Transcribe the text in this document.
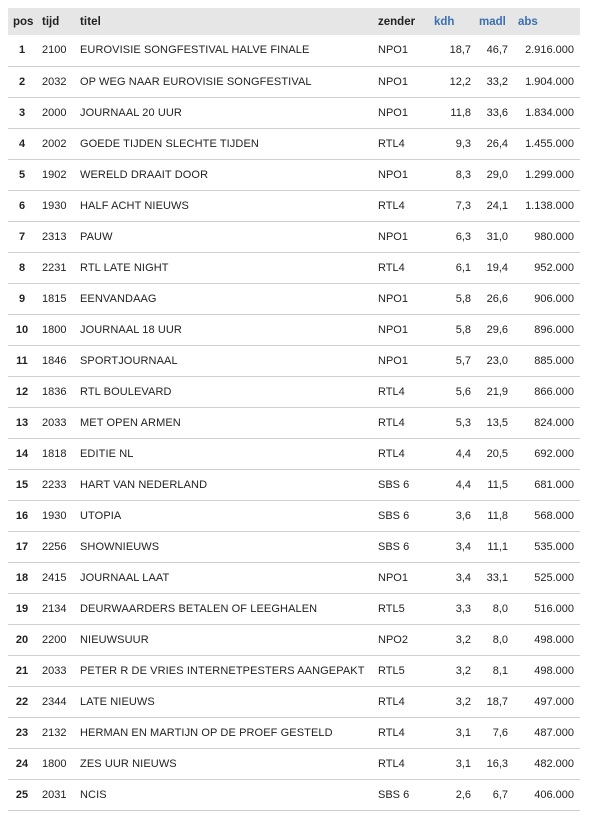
pos	tijd	titel	zender	kdh	madl	abs
1	2100	EUROVISIE SONGFESTIVAL HALVE FINALE	NPO1	18,7	46,7	2.916.000
2	2032	OP WEG NAAR EUROVISIE SONGFESTIVAL	NPO1	12,2	33,2	1.904.000
3	2000	JOURNAAL 20 UUR	NPO1	11,8	33,6	1.834.000
4	2002	GOEDE TIJDEN SLECHTE TIJDEN	RTL4	9,3	26,4	1.455.000
5	1902	WERELD DRAAIT DOOR	NPO1	8,3	29,0	1.299.000
6	1930	HALF ACHT NIEUWS	RTL4	7,3	24,1	1.138.000
7	2313	PAUW	NPO1	6,3	31,0	980.000
8	2231	RTL LATE NIGHT	RTL4	6,1	19,4	952.000
9	1815	EENVANDAAG	NPO1	5,8	26,6	906.000
10	1800	JOURNAAL 18 UUR	NPO1	5,8	29,6	896.000
11	1846	SPORTJOURNAAL	NPO1	5,7	23,0	885.000
12	1836	RTL BOULEVARD	RTL4	5,6	21,9	866.000
13	2033	MET OPEN ARMEN	RTL4	5,3	13,5	824.000
14	1818	EDITIE NL	RTL4	4,4	20,5	692.000
15	2233	HART VAN NEDERLAND	SBS 6	4,4	11,5	681.000
16	1930	UTOPIA	SBS 6	3,6	11,8	568.000
17	2256	SHOWNIEUWS	SBS 6	3,4	11,1	535.000
18	2415	JOURNAAL LAAT	NPO1	3,4	33,1	525.000
19	2134	DEURWAARDERS BETALEN OF LEEGHALEN	RTL5	3,3	8,0	516.000
20	2200	NIEUWSUUR	NPO2	3,2	8,0	498.000
21	2033	PETER R DE VRIES INTERNETPESTERS AANGEPAKT	RTL5	3,2	8,1	498.000
22	2344	LATE NIEUWS	RTL4	3,2	18,7	497.000
23	2132	HERMAN EN MARTIJN OP DE PROEF GESTELD	RTL4	3,1	7,6	487.000
24	1800	ZES UUR NIEUWS	RTL4	3,1	16,3	482.000
25	2031	NCIS	SBS 6	2,6	6,7	406.000
